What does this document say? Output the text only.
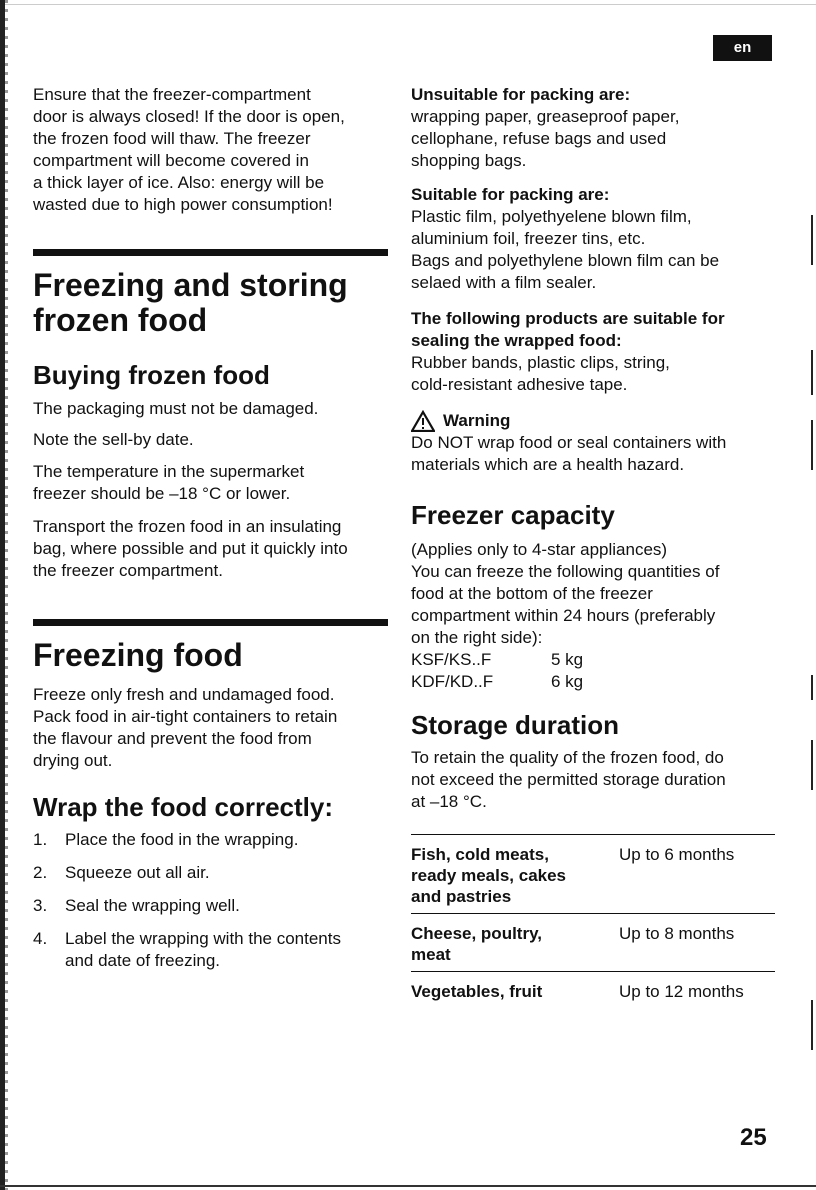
en
Ensure that the freezer-compartment
door is always closed! If the door is open,
the frozen food will thaw. The freezer
compartment will become covered in
a thick layer of ice. Also: energy will be
wasted due to high power consumption!
Freezing and storing
frozen food
Buying frozen food
The packaging must not be damaged.
Note the sell-by date.
The temperature in the supermarket
freezer should be –18 °C or lower.
Transport the frozen food in an insulating
bag, where possible and put it quickly into
the freezer compartment.
Freezing food
Freeze only fresh and undamaged food.
Pack food in air-tight containers to retain
the flavour and prevent the food from
drying out.
Wrap the food correctly:
1.	Place the food in the wrapping.
2.	Squeeze out all air.
3.	Seal the wrapping well.
4.	Label the wrapping with the contents
and date of freezing.
Unsuitable for packing are:
wrapping paper, greaseproof paper,
cellophane, refuse bags and used
shopping bags.
Suitable for packing are:
Plastic film, polyethyelene blown film,
aluminium foil, freezer tins, etc.
Bags and polyethylene blown film can be
selaed with a film sealer.
The following products are suitable for
sealing the wrapped food:
Rubber bands, plastic clips, string,
cold-resistant adhesive tape.
Warning
Do NOT wrap food or seal containers with
materials which are a health hazard.
Freezer capacity
(Applies only to 4-star appliances)
You can freeze the following quantities of
food at the bottom of the freezer
compartment within 24 hours (preferably
on the right side):
KSF/KS..F	5 kg
KDF/KD..F	6 kg
Storage duration
To retain the quality of the frozen food, do
not exceed the permitted storage duration
at –18 °C.
Fish, cold meats,
ready meals, cakes
and pastries	Up to 6 months

Cheese, poultry,
meat	Up to 8 months

Vegetables, fruit	Up to 12 months
25
